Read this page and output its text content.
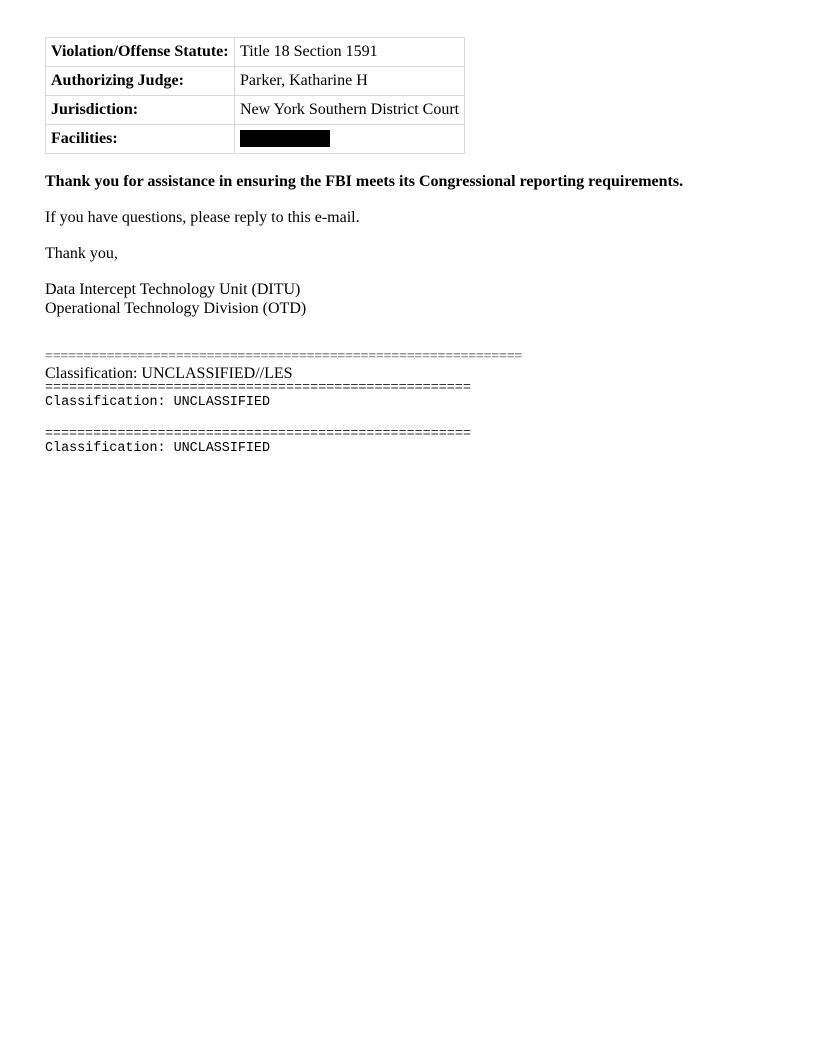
Violation/Offense Statute:	Title 18 Section 1591
Authorizing Judge:	Parker, Katharine H
Jurisdiction:	New York Southern District Court
Facilities:	

Thank you for assistance in ensuring the FBI meets its Congressional reporting requirements.

If you have questions, please reply to this e-mail.

Thank you,

Data Intercept Technology Unit (DITU)

Operational Technology Division (OTD)

==============================================================

Classification: UNCLASSIFIED//LES

=====================================================
Classification: UNCLASSIFIED
=====================================================
Classification: UNCLASSIFIED
